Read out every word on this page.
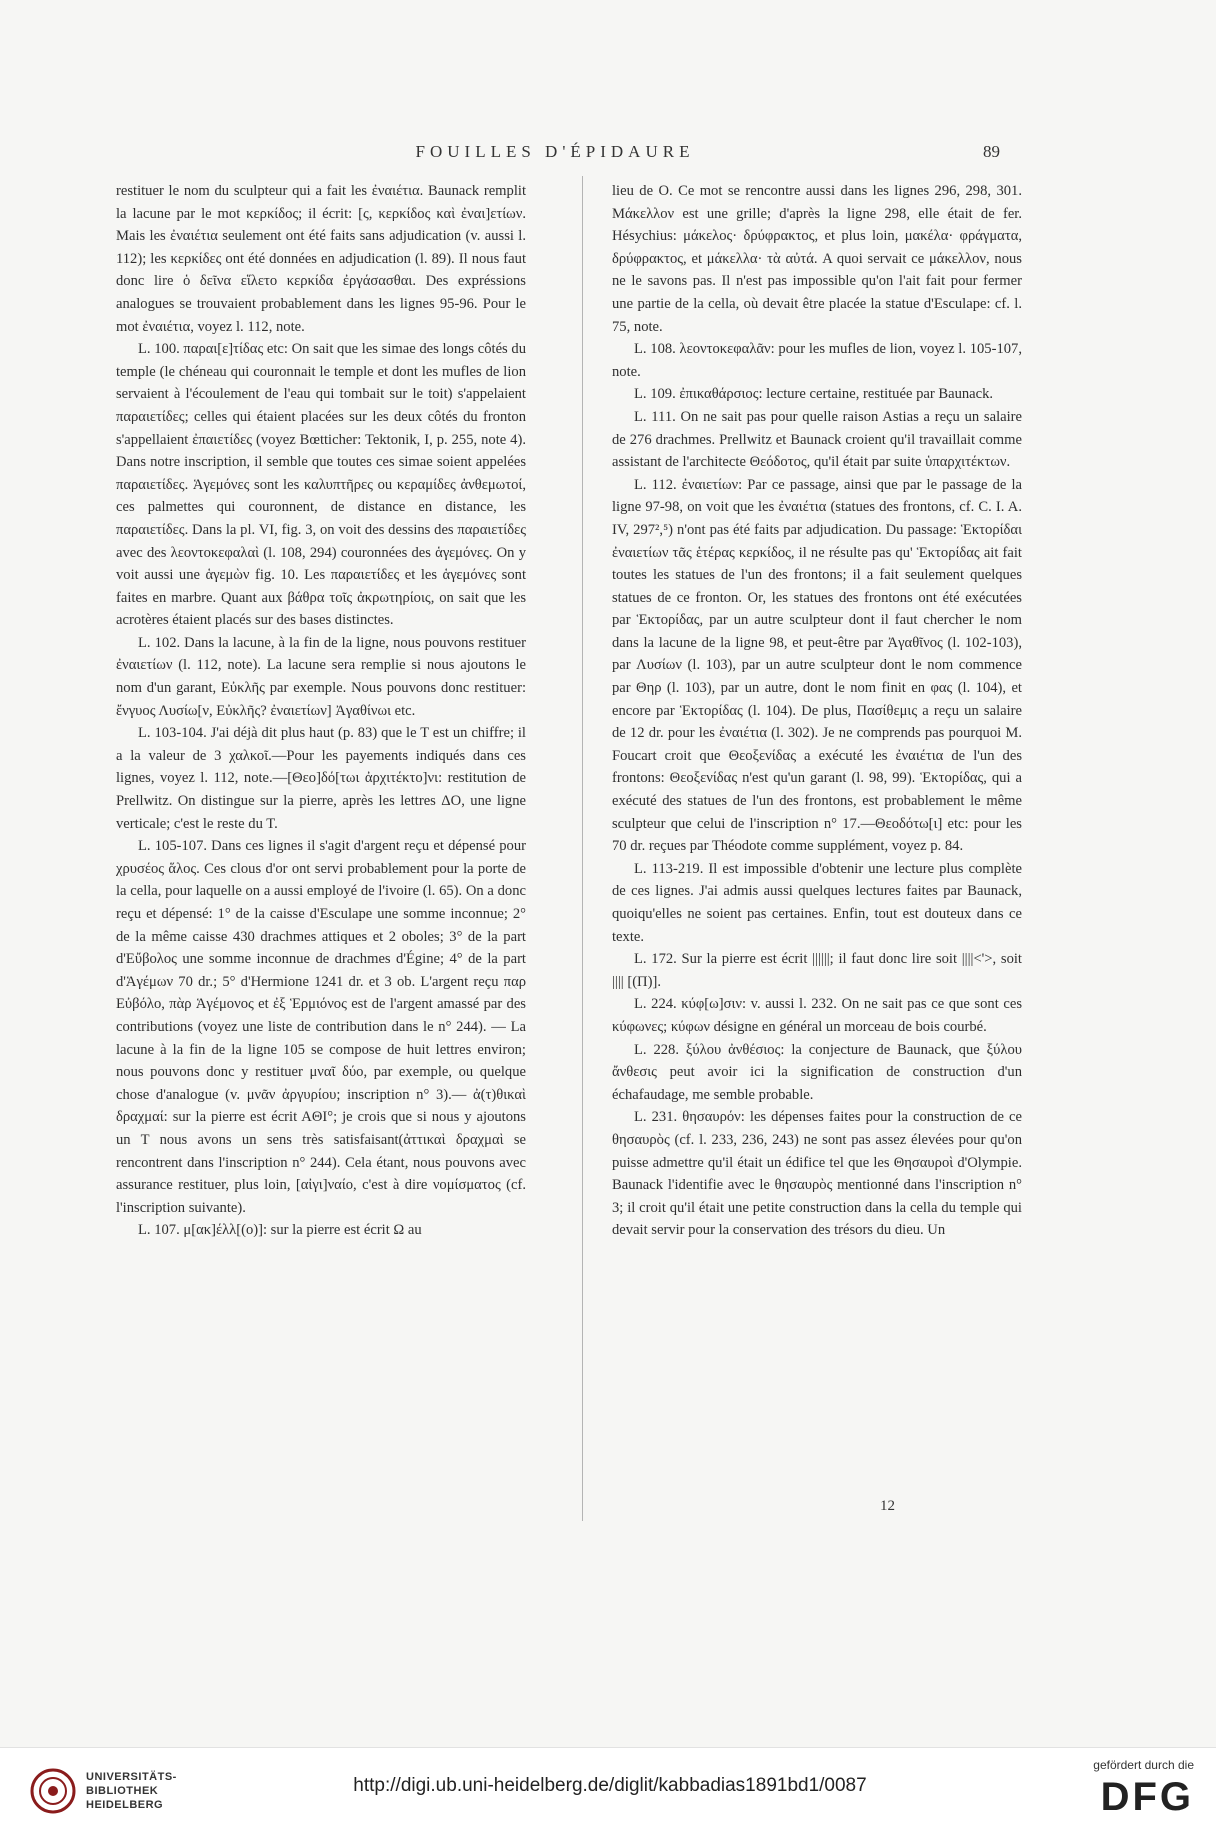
FOUILLES D'ÉPIDAURE	89

restituer le nom du sculpteur qui a fait les ἐναιέτια. Baunack remplit la lacune par le mot κερκίδος; il écrit: [ς, κερκίδος καὶ ἐναι]ετίων. Mais les ἐναιέτια seulement ont été faits sans adjudication (v. aussi l. 112); les κερκίδες ont été données en adjudication (l. 89). Il nous faut donc lire ὁ δεῖνα εἵλετο κερκίδα ἐργάσασθαι. Des expréssions analogues se trouvaient probablement dans les lignes 95-96. Pour le mot ἐναιέτια, voyez l. 112, note.

L. 100. παραι[ε]τίδας etc: On sait que les simae des longs côtés du temple (le chéneau qui couronnait le temple et dont les mufles de lion servaient à l'écoulement de l'eau qui tombait sur le toit) s'appelaient παραιετίδες; celles qui étaient placées sur les deux côtés du fronton s'appellaient ἐπαιετίδες (voyez Bœtticher: Tektonik, I, p. 255, note 4). Dans notre inscription, il semble que toutes ces simae soient appelées παραιετίδες. Ἁγεμόνες sont les καλυπτῆρες ou κεραμίδες ἀνθεμωτοί, ces palmettes qui couronnent, de distance en distance, les παραιετίδες. Dans la pl. VI, fig. 3, on voit des dessins des παραιετίδες avec des λεοντοκεφαλαὶ (l. 108, 294) couronnées des ἁγεμόνες. On y voit aussi une ἁγεμὼν fig. 10. Les παραιετίδες et les ἁγεμόνες sont faites en marbre. Quant aux βάθρα τοῖς ἀκρωτηρίοις, on sait que les acrotères étaient placés sur des bases distinctes.

L. 102. Dans la lacune, à la fin de la ligne, nous pouvons restituer ἐναιετίων (l. 112, note). La lacune sera remplie si nous ajoutons le nom d'un garant, Εὐκλῆς par exemple. Nous pouvons donc restituer: ἔνγυος Λυσίω[ν, Εὐκλῆς? ἐναιετίων] Ἀγαθίνωι etc.

L. 103-104. J'ai déjà dit plus haut (p. 83) que le T est un chiffre; il a la valeur de 3 χαλκοῖ.—Pour les payements indiqués dans ces lignes, voyez l. 112, note.—[Θεο]δό[τωι ἀρχιτέκτο]νι: restitution de Prellwitz. On distingue sur la pierre, après les lettres ΔO, une ligne verticale; c'est le reste du T.

L. 105-107. Dans ces lignes il s'agit d'argent reçu et dépensé pour χρυσέος ἅλος. Ces clous d'or ont servi probablement pour la porte de la cella, pour laquelle on a aussi employé de l'ivoire (l. 65). On a donc reçu et dépensé: 1° de la caisse d'Esculape une somme inconnue; 2° de la même caisse 430 drachmes attiques et 2 oboles; 3° de la part d'Εὔβολος une somme inconnue de drachmes d'Égine; 4° de la part d'Ἁγέμων 70 dr.; 5° d'Hermione 1241 dr. et 3 ob. L'argent reçu παρ Εὐβόλο, πὰρ Ἁγέμονος et ἐξ Ἑρμιόνος est de l'argent amassé par des contributions (voyez une liste de contribution dans le n° 244). — La lacune à la fin de la ligne 105 se compose de huit lettres environ; nous pouvons donc y restituer μναῖ δύο, par exemple, ou quelque chose d'analogue (v. μνᾶν ἀργυρίου; inscription n° 3).— ἀ(τ)θικαὶ δραχμαί: sur la pierre est écrit AΘI°; je crois que si nous y ajoutons un T nous avons un sens très satisfaisant(ἀττικαὶ δραχμαὶ se rencontrent dans l'inscription n° 244). Cela étant, nous pouvons avec assurance restituer, plus loin, [αἰγι]ναίο, c'est à dire νομίσματος (cf. l'inscription suivante).

L. 107. μ[ακ]έλλ[(ο)]: sur la pierre est écrit Ω au

lieu de O. Ce mot se rencontre aussi dans les lignes 296, 298, 301. Μάκελλον est une grille; d'après la ligne 298, elle était de fer. Hésychius: μάκελος· δρύφρακτος, et plus loin, μακέλα· φράγματα, δρύφρακτος, et μάκελλα· τὰ αὐτά. A quoi servait ce μάκελλον, nous ne le savons pas. Il n'est pas impossible qu'on l'ait fait pour fermer une partie de la cella, où devait être placée la statue d'Esculape: cf. l. 75, note.

L. 108. λεοντοκεφαλᾶν: pour les mufles de lion, voyez l. 105-107, note.

L. 109. ἐπικαθάρσιος: lecture certaine, restituée par Baunack.

L. 111. On ne sait pas pour quelle raison Astias a reçu un salaire de 276 drachmes. Prellwitz et Baunack croient qu'il travaillait comme assistant de l'architecte Θεόδοτος, qu'il était par suite ὑπαρχιτέκτων.

L. 112. ἐναιετίων: Par ce passage, ainsi que par le passage de la ligne 97-98, on voit que les ἐναιέτια (statues des frontons, cf. C. I. A. IV, 297²,⁵) n'ont pas été faits par adjudication. Du passage: Ἑκτορίδαι ἐναιετίων τᾶς ἑτέρας κερκίδος, il ne résulte pas qu' Ἑκτορίδας ait fait toutes les statues de l'un des frontons; il a fait seulement quelques statues de ce fronton. Or, les statues des frontons ont été exécutées par Ἑκτορίδας, par un autre sculpteur dont il faut chercher le nom dans la lacune de la ligne 98, et peut-être par Ἀγαθῖνος (l. 102-103), par Λυσίων (l. 103), par un autre sculpteur dont le nom commence par Θηρ (l. 103), par un autre, dont le nom finit en φας (l. 104), et encore par Ἑκτορίδας (l. 104). De plus, Πασίθεμις a reçu un salaire de 12 dr. pour les ἐναιέτια (l. 302). Je ne comprends pas pourquoi M. Foucart croit que Θεοξενίδας a exécuté les ἐναιέτια de l'un des frontons: Θεοξενίδας n'est qu'un garant (l. 98, 99). Ἑκτορίδας, qui a exécuté des statues de l'un des frontons, est probablement le même sculpteur que celui de l'inscription n° 17.—Θεοδότω[ι] etc: pour les 70 dr. reçues par Théodote comme supplément, voyez p. 84.

L. 113-219. Il est impossible d'obtenir une lecture plus complète de ces lignes. J'ai admis aussi quelques lectures faites par Baunack, quoiqu'elles ne soient pas certaines. Enfin, tout est douteux dans ce texte.

L. 172. Sur la pierre est écrit ||||||; il faut donc lire soit ||||<'>, soit |||| [(Π)].

L. 224. κύφ[ω]σιν: v. aussi l. 232. On ne sait pas ce que sont ces κύφωνες; κύφων désigne en général un morceau de bois courbé.

L. 228. ξύλου ἀνθέσιος: la conjecture de Baunack, que ξύλου ἄνθεσις peut avoir ici la signification de construction d'un échafaudage, me semble probable.

L. 231. θησαυρόν: les dépenses faites pour la construction de ce θησαυρὸς (cf. l. 233, 236, 243) ne sont pas assez élevées pour qu'on puisse admettre qu'il était un édifice tel que les Θησαυροὶ d'Olympie. Baunack l'identifie avec le θησαυρὸς mentionné dans l'inscription n° 3; il croit qu'il était une petite construction dans la cella du temple qui devait servir pour la conservation des trésors du dieu. Un

12
UNIVERSITÄTS-
BIBLIOTHEK
HEIDELBERG
http://digi.ub.uni-heidelberg.de/diglit/kabbadias1891bd1/0087
gefördert durch die
DFG
